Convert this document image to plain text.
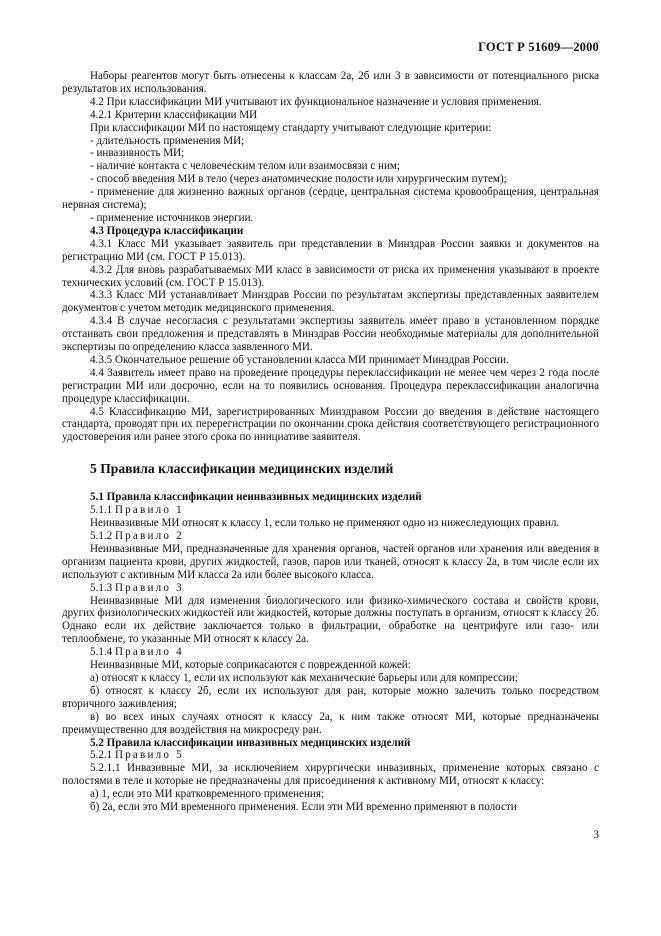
ГОСТ Р 51609—2000

Наборы реагентов могут быть отнесены к классам 2а, 2б или 3 в зависимости от потенциального риска результатов их использования.

4.2 При классификации МИ учитывают их функциональное назначение и условия применения.

4.2.1 Критерии классификации МИ

При классификации МИ по настоящему стандарту учитывают следующие критерии:

- длительность применения МИ;

- инвазивность МИ;

- наличие контакта с человеческим телом или взаимосвязи с ним;

- способ введения МИ в тело (через анатомические полости или хирургическим путем);

- применение для жизненно важных органов (сердце, центральная система кровообращения, центральная нервная система);

- применение источников энергии.

4.3 Процедура классификации

4.3.1 Класс МИ указывает заявитель при представлении в Минздрав России заявки и документов на регистрацию МИ (см. ГОСТ Р 15.013).

4.3.2 Для вновь разрабатываемых МИ класс в зависимости от риска их применения указывают в проекте технических условий (см. ГОСТ Р 15.013).

4.3.3 Класс МИ устанавливает Минздрав России по результатам экспертизы представленных заявителем документов с учетом методик медицинского применения.

4.3.4 В случае несогласия с результатами экспертизы заявитель имеет право в установленном порядке отстаивать свои предложения и представлять в Минздрав России необходимые материалы для дополнительной экспертизы по определению класса заявленного МИ.

4.3.5 Окончательное решение об установлении класса МИ принимает Минздрав России.

4.4 Заявитель имеет право на проведение процедуры переклассификации не менее чем через 2 года после регистрации МИ или досрочно, если на то появились основания. Процедура переклассификации аналогична процедуре классификации.

4.5 Классификацию МИ, зарегистрированных Минздравом России до введения в действие настоящего стандарта, проводят при их перерегистрации по окончании срока действия соответствующего регистрационного удостоверения или ранее этого срока по инициативе заявителя.

5 Правила классификации медицинских изделий

5.1 Правила классификации неинвазивных медицинских изделий

5.1.1 Правило 1

Неинвазивные МИ относят к классу 1, если только не применяют одно из нижеследующих правил.

5.1.2 Правило 2

Неинвазивные МИ, предназначенные для хранения органов, частей органов или хранения или введения в организм пациента крови, других жидкостей, газов, паров или тканей, относят к классу 2а, в том числе если их используют с активным МИ класса 2а или более высокого класса.

5.1.3 Правило 3

Неинвазивные МИ для изменения биологического или физико-химического состава и свойств крови, других физиологических жидкостей или жидкостей, которые должны поступать в организм, относят к классу 2б. Однако если их действие заключается только в фильтрации, обработке на центрифуге или газо- или теплообмене, то указанные МИ относят к классу 2а.

5.1.4 Правило 4

Неинвазивные МИ, которые соприкасаются с поврежденной кожей:

а) относят к классу 1, если их используют как механические барьеры или для компрессии;

б) относят к классу 2б, если их используют для ран, которые можно залечить только посредством вторичного заживления;

в) во всех иных случаях относят к классу 2а, к ним также относят МИ, которые предназначены преимущественно для воздействия на микросреду ран.

5.2 Правила классификации инвазивных медицинских изделий

5.2.1 Правило 5

5.2.1.1 Инвазивные МИ, за исключением хирургически инвазивных, применение которых связано с полостями в теле и которые не предназначены для присоединения к активному МИ, относят к классу:

а) 1, если это МИ кратковременного применения;

б) 2а, если это МИ временного применения. Если эти МИ временно применяют в полости

3
